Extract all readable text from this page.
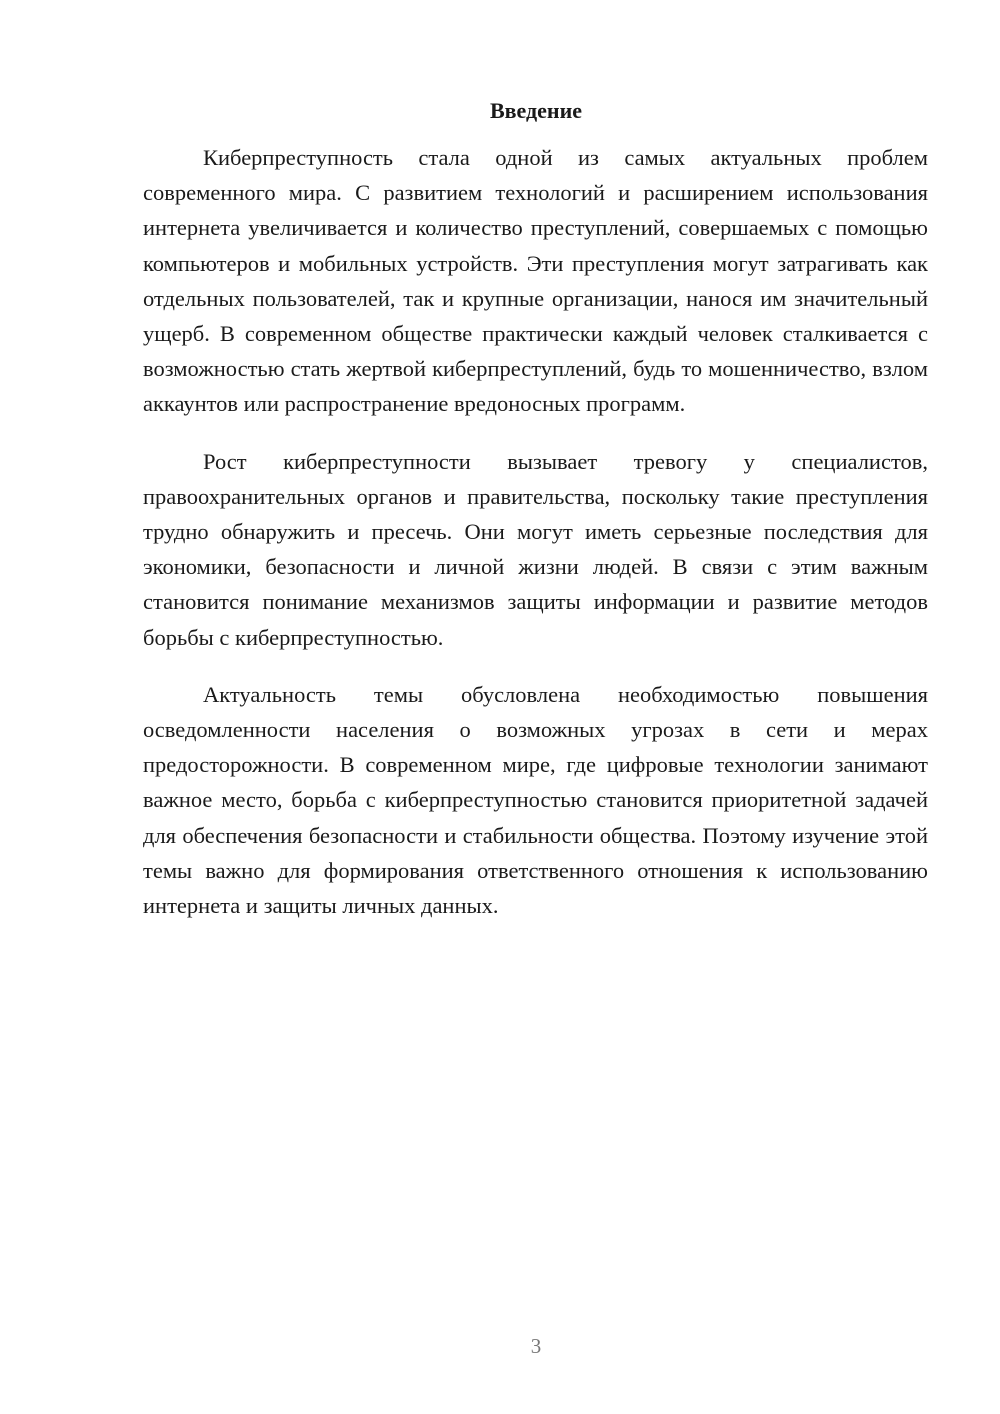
Введение

Киберпреступность стала одной из самых актуальных проблем современного мира. С развитием технологий и расширением использования интернета увеличивается и количество преступлений, совершаемых с помощью компьютеров и мобильных устройств. Эти преступления могут затрагивать как отдельных пользователей, так и крупные организации, нанося им значительный ущерб. В современном обществе практически каждый человек сталкивается с возможностью стать жертвой киберпреступлений, будь то мошенничество, взлом аккаунтов или распространение вредоносных программ.

Рост киберпреступности вызывает тревогу у специалистов, правоохранительных органов и правительства, поскольку такие преступления трудно обнаружить и пресечь. Они могут иметь серьезные последствия для экономики, безопасности и личной жизни людей. В связи с этим важным становится понимание механизмов защиты информации и развитие методов борьбы с киберпреступностью.

Актуальность темы обусловлена необходимостью повышения осведомленности населения о возможных угрозах в сети и мерах предосторожности. В современном мире, где цифровые технологии занимают важное место, борьба с киберпреступностью становится приоритетной задачей для обеспечения безопасности и стабильности общества. Поэтому изучение этой темы важно для формирования ответственного отношения к использованию интернета и защиты личных данных.

3
